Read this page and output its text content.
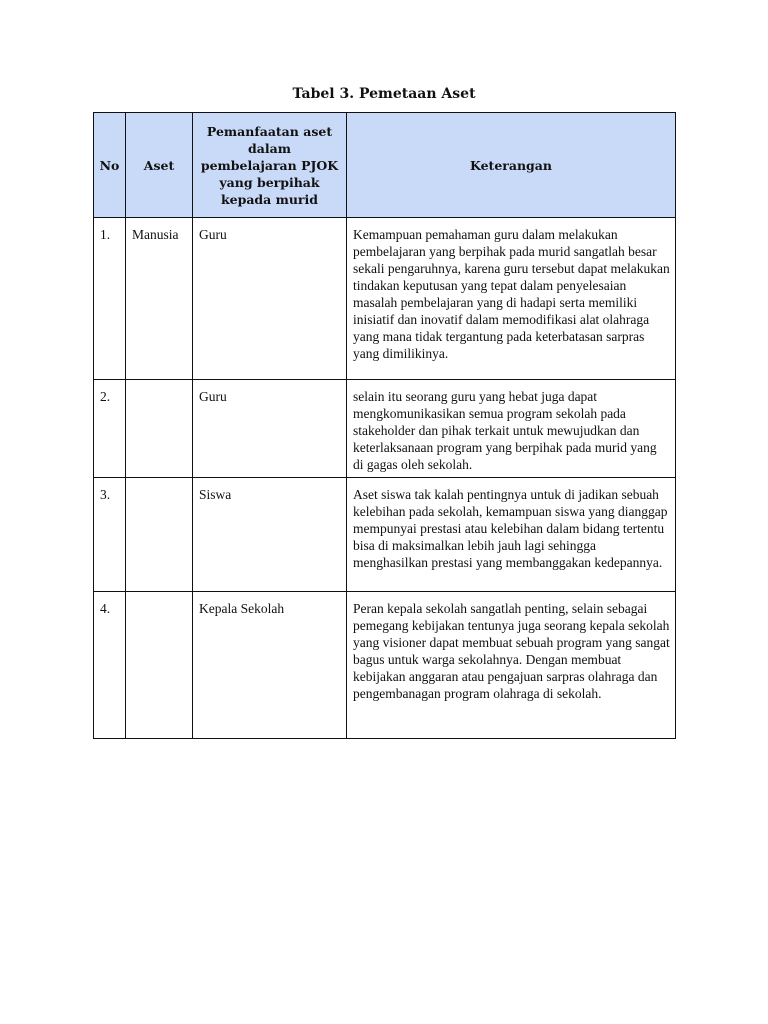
Tabel 3. Pemetaan Aset
No	Aset	Pemanfaatan aset dalam pembelajaran PJOK yang berpihak kepada murid	Keterangan
1.	Manusia	Guru	Kemampuan pemahaman guru dalam melakukan pembelajaran yang berpihak pada murid sangatlah besar sekali pengaruhnya, karena guru tersebut dapat melakukan tindakan keputusan yang tepat dalam penyelesaian masalah pembelajaran yang di hadapi serta memiliki inisiatif dan inovatif dalam memodifikasi alat olahraga yang mana tidak tergantung pada keterbatasan sarpras yang dimilikinya.
2.		Guru	selain itu seorang guru yang hebat juga dapat mengkomunikasikan semua program sekolah pada stakeholder dan pihak terkait untuk mewujudkan dan keterlaksanaan program yang berpihak pada murid yang di gagas oleh sekolah.
3.		Siswa	Aset siswa tak kalah pentingnya untuk di jadikan sebuah kelebihan pada sekolah, kemampuan siswa yang dianggap mempunyai prestasi atau kelebihan dalam bidang tertentu bisa di maksimalkan lebih jauh lagi sehingga menghasilkan prestasi yang membanggakan kedepannya.
4.		Kepala Sekolah	Peran kepala sekolah sangatlah penting, selain sebagai pemegang kebijakan tentunya juga seorang kepala sekolah yang visioner dapat membuat sebuah program yang sangat bagus untuk warga sekolahnya. Dengan membuat kebijakan anggaran atau pengajuan sarpras olahraga dan pengembanagan program olahraga di sekolah.
